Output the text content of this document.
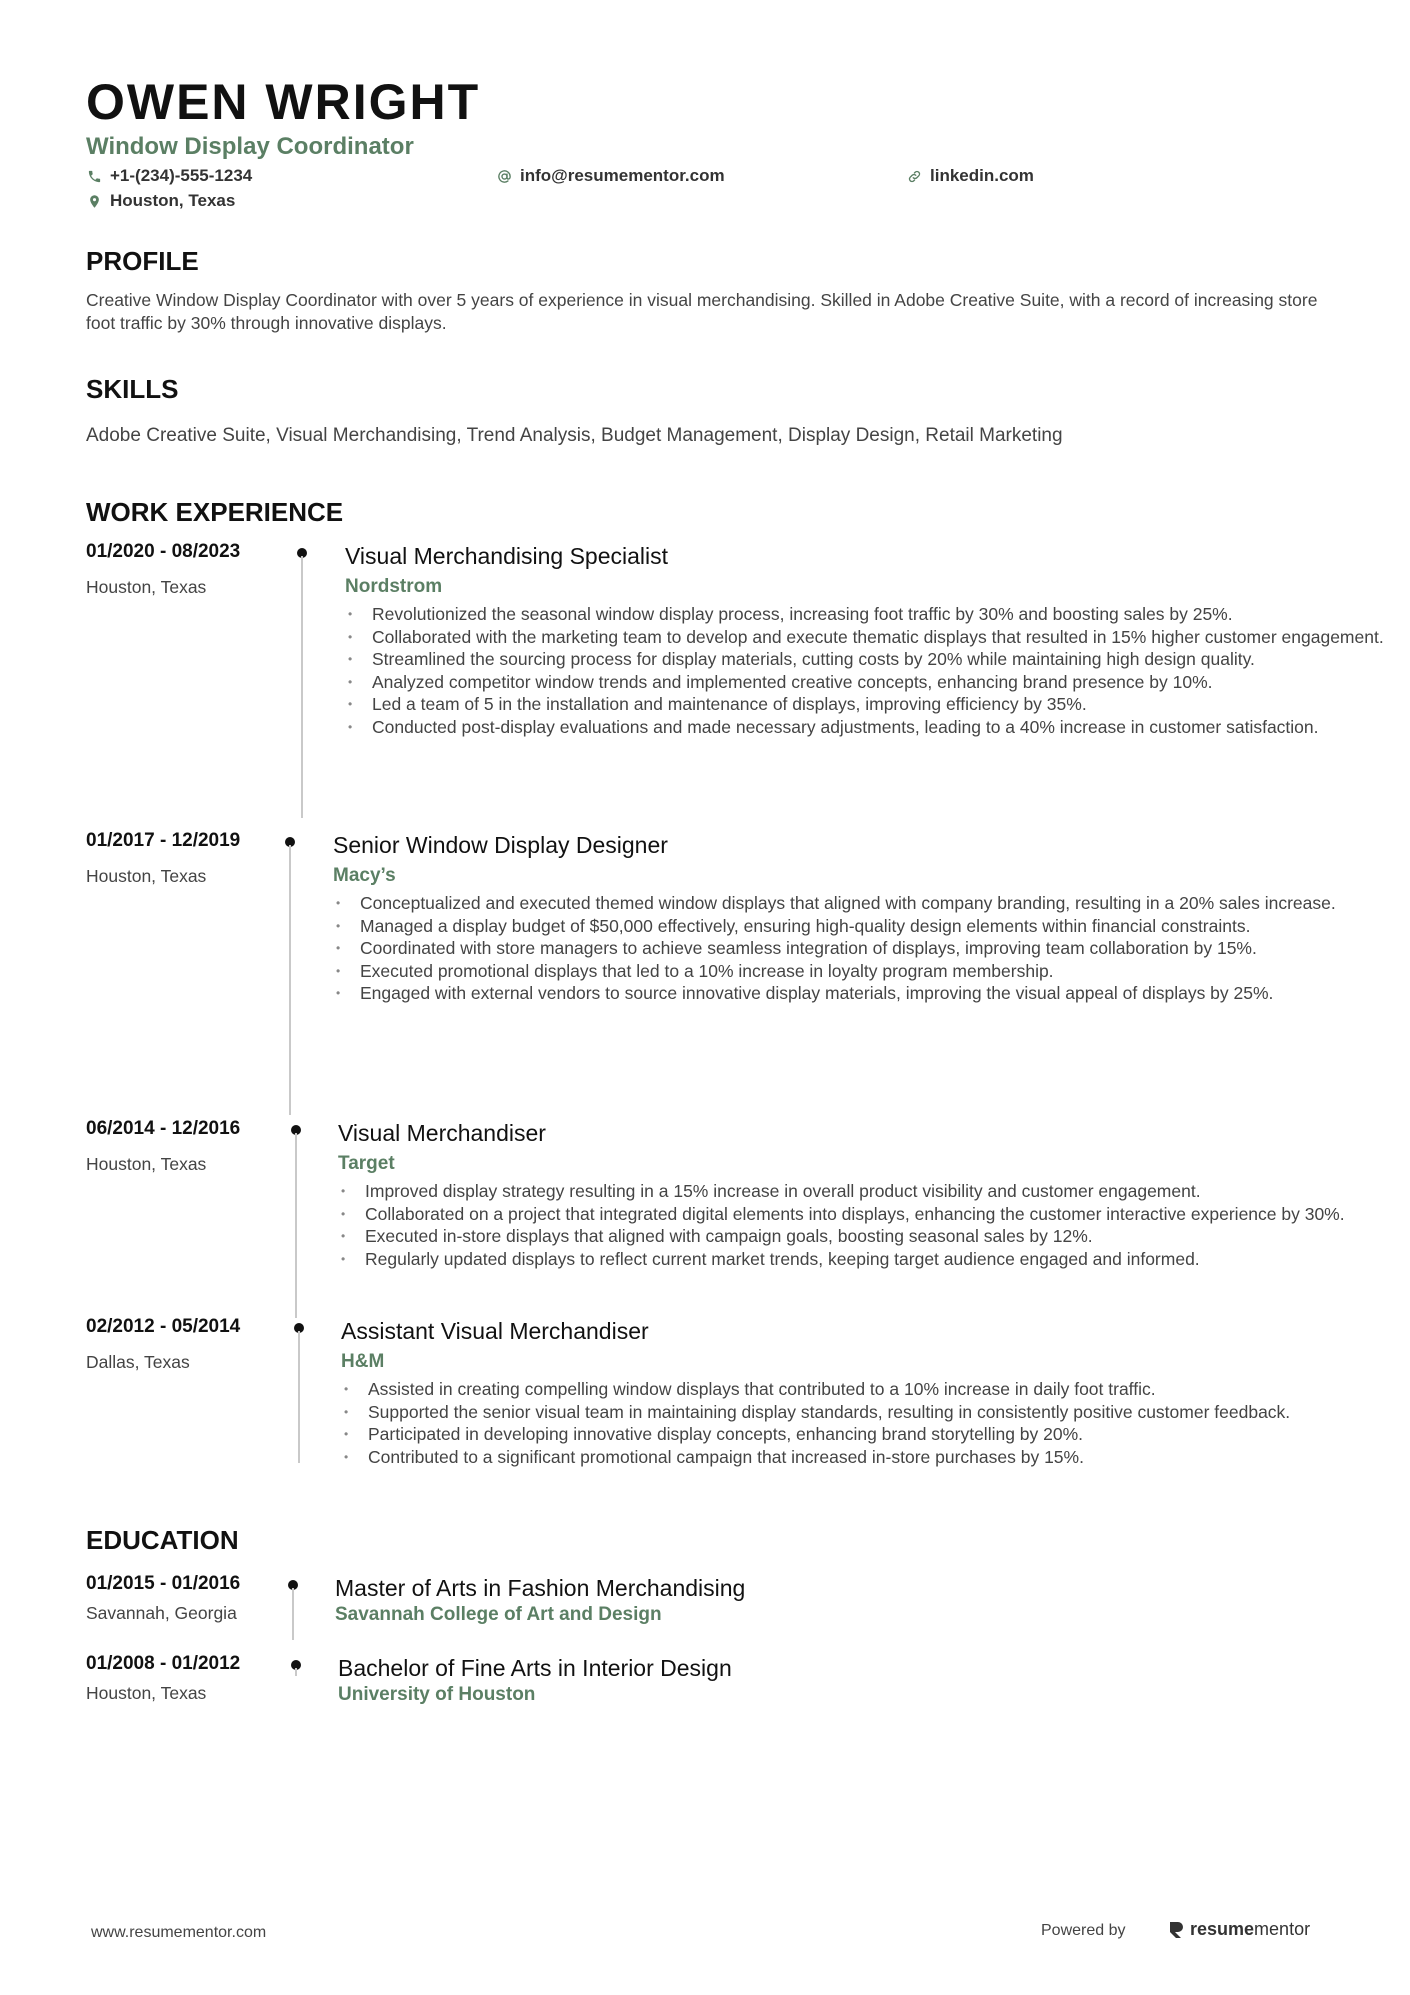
OWEN WRIGHT
Window Display Coordinator
+1-(234)-555-1234	info@resumementor.com	linkedin.com
Houston, Texas
PROFILE
Creative Window Display Coordinator with over 5 years of experience in visual merchandising. Skilled in Adobe Creative Suite, with a record of increasing store foot traffic by 30% through innovative displays.
SKILLS
Adobe Creative Suite, Visual Merchandising, Trend Analysis, Budget Management, Display Design, Retail Marketing
WORK EXPERIENCE
01/2020 - 08/2023
Houston, Texas
Visual Merchandising Specialist
Nordstrom
• Revolutionized the seasonal window display process, increasing foot traffic by 30% and boosting sales by 25%.
• Collaborated with the marketing team to develop and execute thematic displays that resulted in 15% higher customer engagement.
• Streamlined the sourcing process for display materials, cutting costs by 20% while maintaining high design quality.
• Analyzed competitor window trends and implemented creative concepts, enhancing brand presence by 10%.
• Led a team of 5 in the installation and maintenance of displays, improving efficiency by 35%.
• Conducted post-display evaluations and made necessary adjustments, leading to a 40% increase in customer satisfaction.
01/2017 - 12/2019
Houston, Texas
Senior Window Display Designer
Macy’s
• Conceptualized and executed themed window displays that aligned with company branding, resulting in a 20% sales increase.
• Managed a display budget of $50,000 effectively, ensuring high-quality design elements within financial constraints.
• Coordinated with store managers to achieve seamless integration of displays, improving team collaboration by 15%.
• Executed promotional displays that led to a 10% increase in loyalty program membership.
• Engaged with external vendors to source innovative display materials, improving the visual appeal of displays by 25%.
06/2014 - 12/2016
Houston, Texas
Visual Merchandiser
Target
• Improved display strategy resulting in a 15% increase in overall product visibility and customer engagement.
• Collaborated on a project that integrated digital elements into displays, enhancing the customer interactive experience by 30%.
• Executed in-store displays that aligned with campaign goals, boosting seasonal sales by 12%.
• Regularly updated displays to reflect current market trends, keeping target audience engaged and informed.
02/2012 - 05/2014
Dallas, Texas
Assistant Visual Merchandiser
H&M
• Assisted in creating compelling window displays that contributed to a 10% increase in daily foot traffic.
• Supported the senior visual team in maintaining display standards, resulting in consistently positive customer feedback.
• Participated in developing innovative display concepts, enhancing brand storytelling by 20%.
• Contributed to a significant promotional campaign that increased in-store purchases by 15%.
EDUCATION
01/2015 - 01/2016
Savannah, Georgia
Master of Arts in Fashion Merchandising
Savannah College of Art and Design
01/2008 - 01/2012
Houston, Texas
Bachelor of Fine Arts in Interior Design
University of Houston
www.resumementor.com	Powered by	resumementor
